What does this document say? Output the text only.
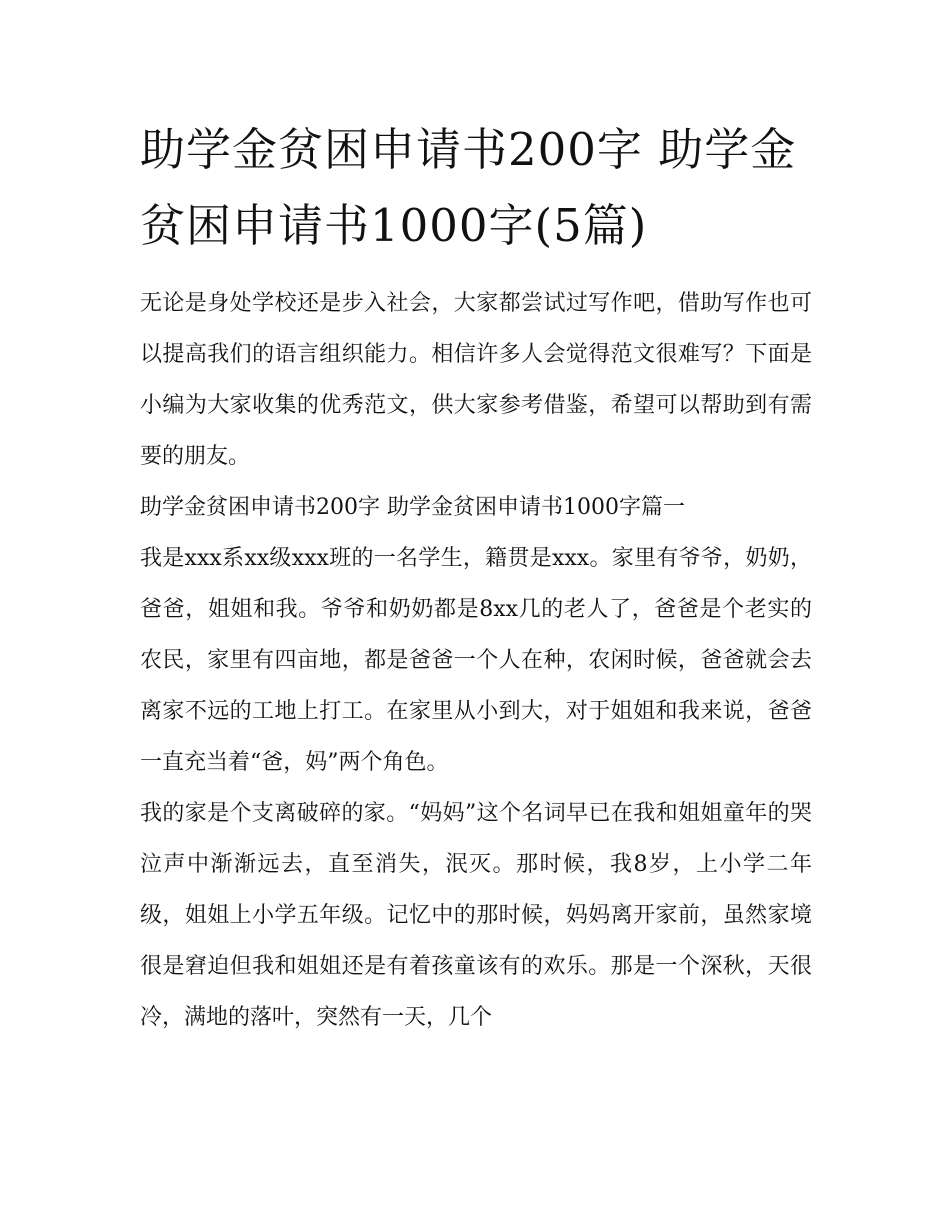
助学金贫困申请书200字 助学金贫困申请书1000字(5篇)

无论是身处学校还是步入社会，大家都尝试过写作吧，借助写作也可以提高我们的语言组织能力。相信许多人会觉得范文很难写？下面是小编为大家收集的优秀范文，供大家参考借鉴，希望可以帮助到有需要的朋友。

助学金贫困申请书200字 助学金贫困申请书1000字篇一

我是xxx系xx级xxx班的一名学生，籍贯是xxx。家里有爷爷，奶奶，爸爸，姐姐和我。爷爷和奶奶都是8xx几的老人了，爸爸是个老实的农民，家里有四亩地，都是爸爸一个人在种，农闲时候，爸爸就会去离家不远的工地上打工。在家里从小到大，对于姐姐和我来说，爸爸一直充当着“爸，妈”两个角色。

我的家是个支离破碎的家。“妈妈”这个名词早已在我和姐姐童年的哭泣声中渐渐远去，直至消失，泯灭。那时候，我8岁，上小学二年级，姐姐上小学五年级。记忆中的那时候，妈妈离开家前，虽然家境很是窘迫但我和姐姐还是有着孩童该有的欢乐。那是一个深秋，天很冷，满地的落叶，突然有一天，几个
